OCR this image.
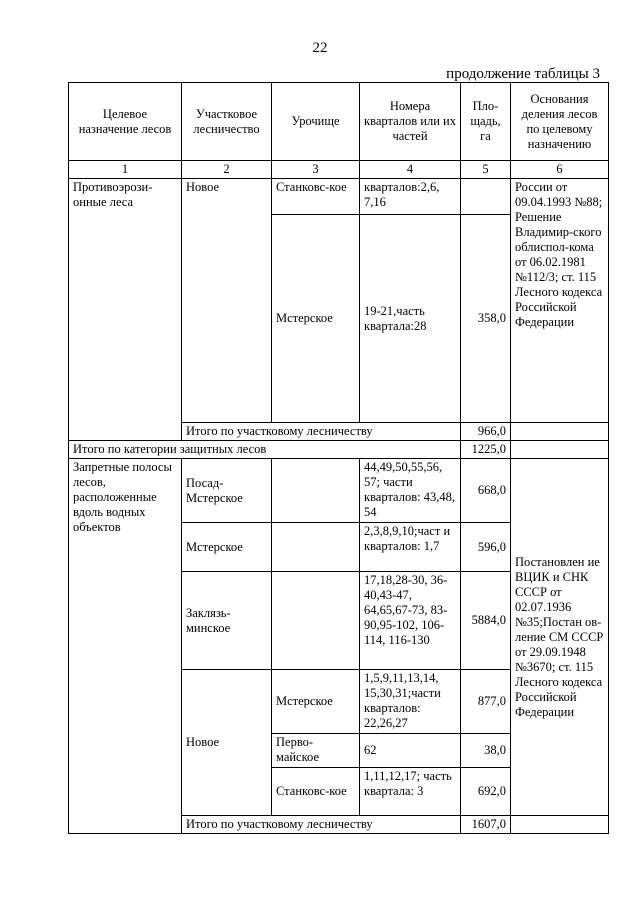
22
продолжение таблицы 3
Целевое назначение лесов	Участковое лесничество	Урочище	Номера кварталов или их частей	Пло-щадь, га	Основания деления лесов по целевому назначению
1	2	3	4	5	6
Противоэрози-онные леса	Новое	Станковс-кое	кварталов:2,6, 7,16		России от 09.04.1993 №88; Решение Владимир-ского облиспол-кома от 06.02.1981 №112/3; ст. 115 Лесного кодекса Российской Федерации
		Мстерское	19-21,часть квартала:28	358,0	
	Итого по участковому лесничеству			966,0	
Итого по категории защитных лесов				1225,0	
Запретные полосы лесов, расположенные вдоль водных объектов	Посад-Мстерское		44,49,50,55,56, 57; части кварталов: 43,48, 54	668,0	Постановлен ие ВЦИК и СНК СССР от 02.07.1936 №35;Постан ов-ление СМ СССР от 29.09.1948 №3670; ст. 115 Лесного кодекса Российской Федерации
	Мстерское		2,3,8,9,10;част и кварталов: 1,7	596,0	
	Заклязь-минское		17,18,28-30, 36-40,43-47, 64,65,67-73, 83-90,95-102, 106-114, 116-130	5884,0	
	Новое	Мстерское	1,5,9,11,13,14, 15,30,31;части кварталов: 22,26,27	877,0	
		Перво-майское	62	38,0	
		Станковс-кое	1,11,12,17; часть квартала: 3	692,0	
	Итого по участковому лесничеству			1607,0	
